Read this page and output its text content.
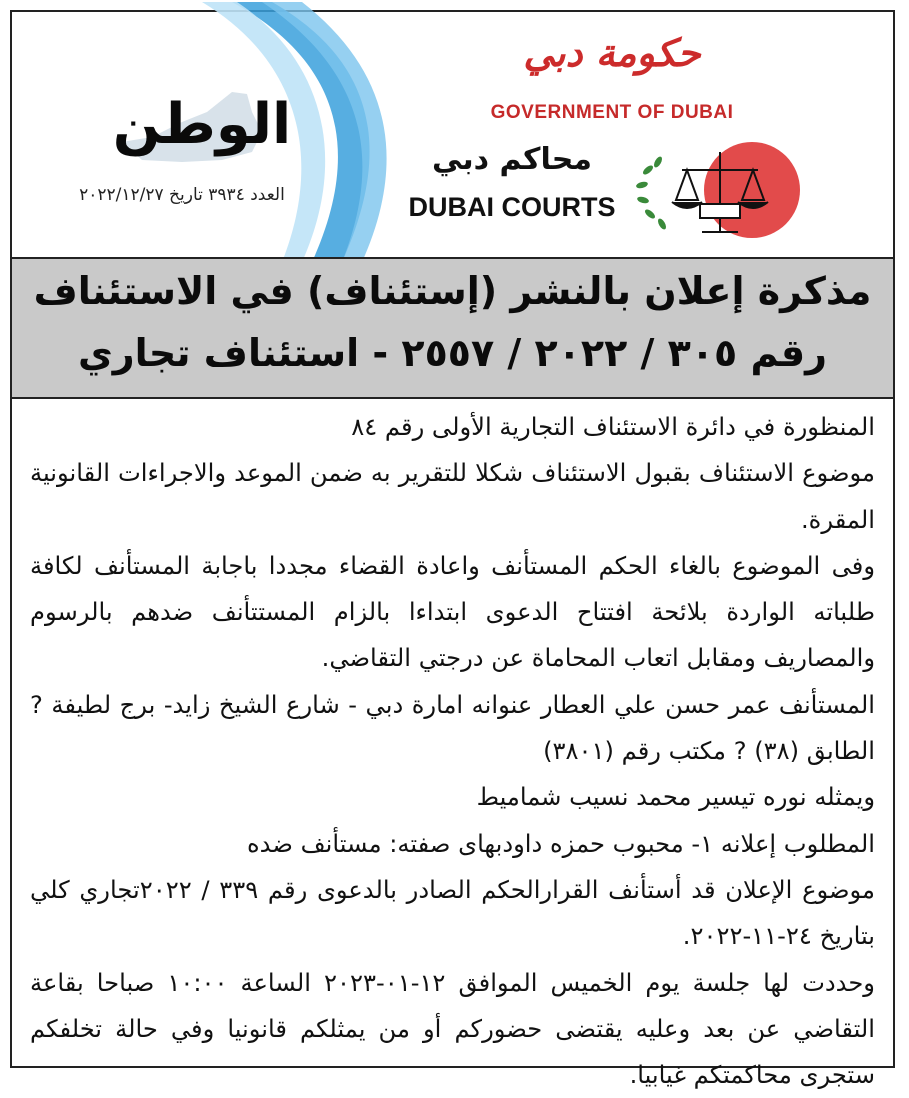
الوطن
العدد ٣٩٣٤ تاريخ ٢٠٢٢/١٢/٢٧
حكومة دبي
GOVERNMENT OF DUBAI
محاكم دبي
DUBAI COURTS
مذكرة إعلان بالنشر (إستئناف) في الاستئناف
رقم ٣٠٥ / ٢٠٢٢ / ٢٥٥٧ - استئناف تجاري

المنظورة في دائرة الاستئناف التجارية الأولى رقم ٨٤

موضوع الاستئناف بقبول الاستئناف شكلا للتقرير به ضمن الموعد والاجراءات القانونية المقرة.

وفى الموضوع بالغاء الحكم المستأنف واعادة القضاء مجددا باجابة المستأنف لكافة طلباته الواردة بلائحة افتتاح الدعوى ابتداءا بالزام المستتأنف ضدهم بالرسوم والمصاريف ومقابل اتعاب المحاماة عن درجتي التقاضي.

المستأنف عمر حسن علي العطار عنوانه امارة دبي - شارع الشيخ زايد- برج لطيفة ? الطابق (٣٨) ? مكتب رقم (٣٨٠١)

ويمثله نوره تيسير محمد نسيب شماميط

المطلوب إعلانه ١- محبوب حمزه داودبهای صفته: مستأنف ضده

موضوع الإعلان قد أستأنف القرارالحكم الصادر بالدعوى رقم ٣٣٩ / ٢٠٢٢تجاري كلي بتاريخ ٢٤-١١-٢٠٢٢.

وحددت لها جلسة يوم الخميس الموافق ١٢-٠١-٢٠٢٣ الساعة ١٠:٠٠ صباحا بقاعة التقاضي عن بعد وعليه يقتضى حضوركم أو من يمثلكم قانونيا وفي حالة تخلفكم ستجرى محاكمتكم غيابيا.
